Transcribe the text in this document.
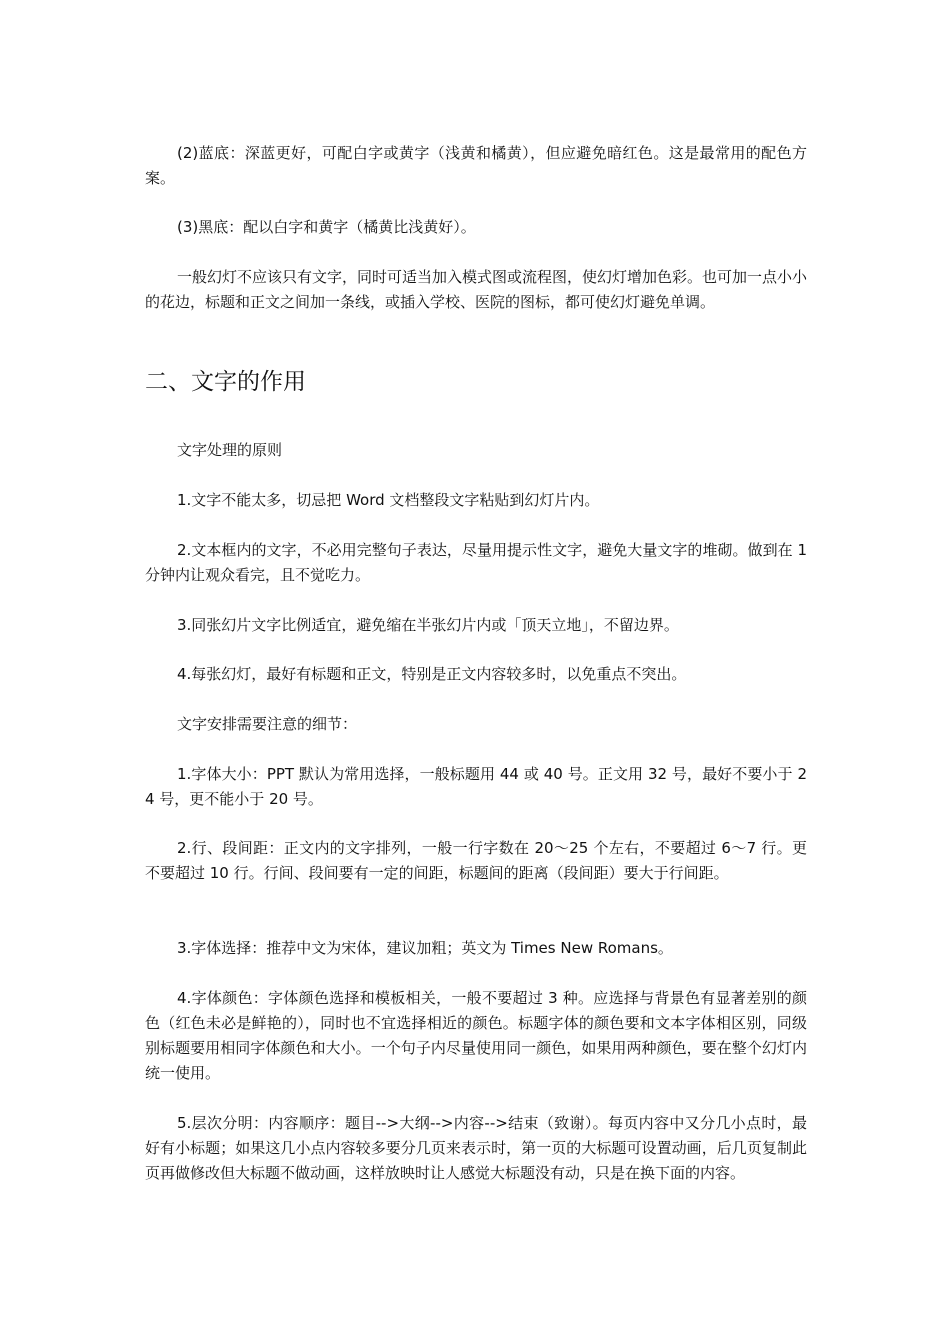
(2)蓝底：深蓝更好，可配白字或黄字（浅黄和橘黄），但应避免暗红色。这是最常用的配色方案。

(3)黑底：配以白字和黄字（橘黄比浅黄好）。

一般幻灯不应该只有文字，同时可适当加入模式图或流程图，使幻灯增加色彩。也可加一点小小的花边，标题和正文之间加一条线，或插入学校、医院的图标，都可使幻灯避免单调。

二、文字的作用

文字处理的原则

1.文字不能太多，切忌把 Word 文档整段文字粘贴到幻灯片内。

2.文本框内的文字，不必用完整句子表达，尽量用提示性文字，避免大量文字的堆砌。做到在 1 分钟内让观众看完，且不觉吃力。

3.同张幻片文字比例适宜，避免缩在半张幻片内或「顶天立地」，不留边界。

4.每张幻灯，最好有标题和正文，特别是正文内容较多时，以免重点不突出。

文字安排需要注意的细节：

1.字体大小：PPT 默认为常用选择，一般标题用 44 或 40 号。正文用 32 号，最好不要小于 24 号，更不能小于 20 号。

2.行、段间距：正文内的文字排列，一般一行字数在 20～25 个左右，不要超过 6～7 行。更不要超过 10 行。行间、段间要有一定的间距，标题间的距离（段间距）要大于行间距。

3.字体选择：推荐中文为宋体，建议加粗；英文为 Times New Romans。

4.字体颜色：字体颜色选择和模板相关，一般不要超过 3 种。应选择与背景色有显著差别的颜色（红色未必是鲜艳的），同时也不宜选择相近的颜色。标题字体的颜色要和文本字体相区别，同级别标题要用相同字体颜色和大小。一个句子内尽量使用同一颜色，如果用两种颜色，要在整个幻灯内统一使用。

5.层次分明：内容顺序：题目-->大纲-->内容-->结束（致谢）。每页内容中又分几小点时，最好有小标题；如果这几小点内容较多要分几页来表示时，第一页的大标题可设置动画，后几页复制此页再做修改但大标题不做动画，这样放映时让人感觉大标题没有动，只是在换下面的内容。
